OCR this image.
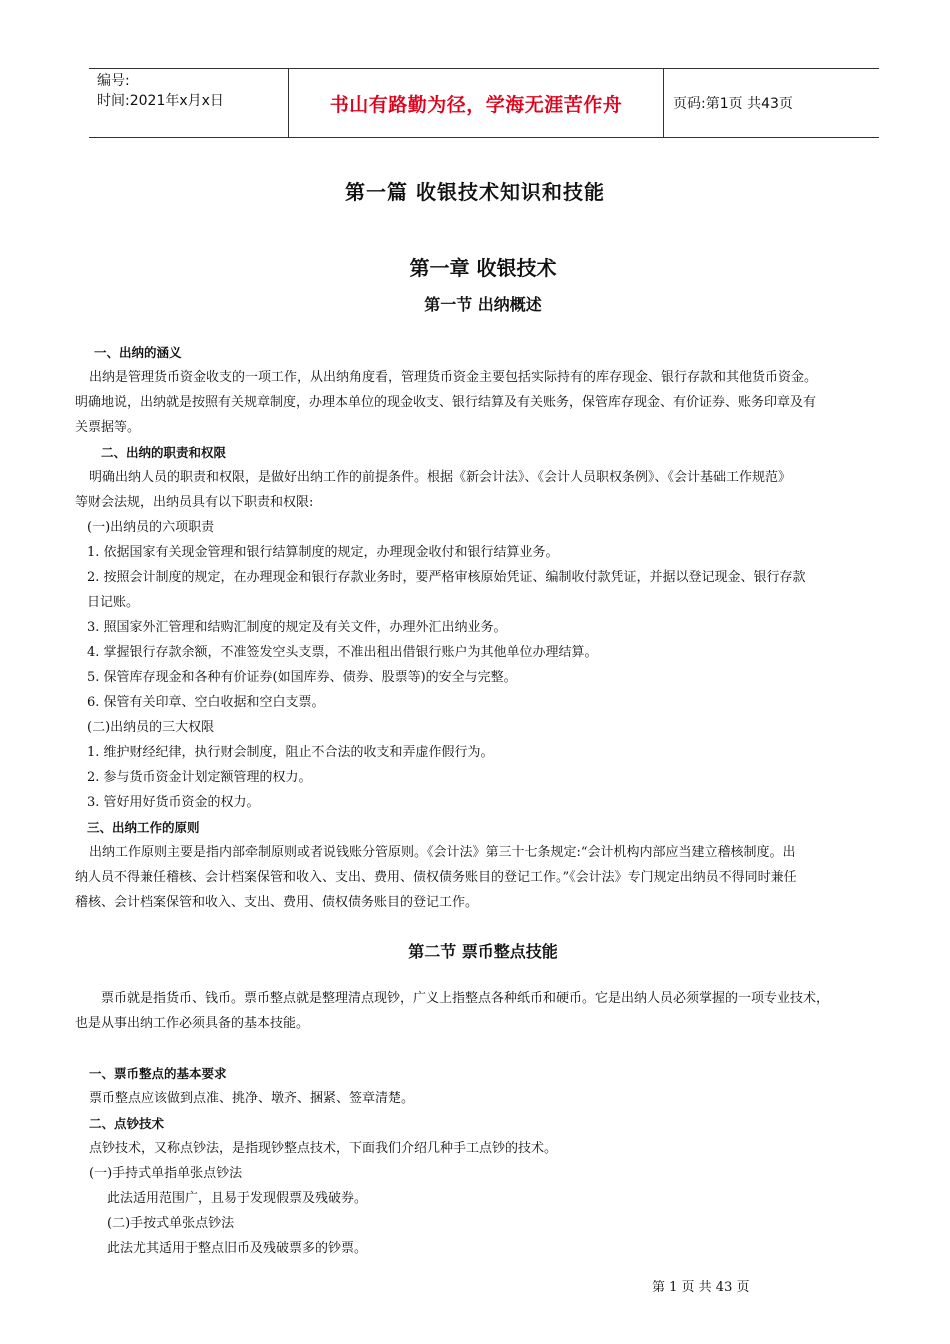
编号:
时间:2021年x月x日	书山有路勤为径，学海无涯苦作舟	页码:第1页 共43页
第一篇 收银技术知识和技能
第一章 收银技术
第一节 出纳概述
一、出纳的涵义
出纳是管理货币资金收支的一项工作，从出纳角度看，管理货币资金主要包括实际持有的库存现金、银行存款和其他货币资金。
明确地说，出纳就是按照有关规章制度，办理本单位的现金收支、银行结算及有关账务，保管库存现金、有价证券、账务印章及有
关票据等。
二、出纳的职责和权限
明确出纳人员的职责和权限，是做好出纳工作的前提条件。根据《新会计法》、《会计人员职权条例》、《会计基础工作规范》
等财会法规，出纳员具有以下职责和权限:
(一)出纳员的六项职责
1. 依据国家有关现金管理和银行结算制度的规定，办理现金收付和银行结算业务。
2. 按照会计制度的规定，在办理现金和银行存款业务时，要严格审核原始凭证、编制收付款凭证，并据以登记现金、银行存款
日记账。
3. 照国家外汇管理和结购汇制度的规定及有关文件，办理外汇出纳业务。
4. 掌握银行存款余额，不准签发空头支票，不准出租出借银行账户为其他单位办理结算。
5. 保管库存现金和各种有价证券(如国库券、债券、股票等)的安全与完整。
6. 保管有关印章、空白收据和空白支票。
(二)出纳员的三大权限
1. 维护财经纪律，执行财会制度，阻止不合法的收支和弄虚作假行为。
2. 参与货币资金计划定额管理的权力。
3. 管好用好货币资金的权力。
三、出纳工作的原则
出纳工作原则主要是指内部牵制原则或者说钱账分管原则。《会计法》第三十七条规定:“会计机构内部应当建立稽核制度。出
纳人员不得兼任稽核、会计档案保管和收入、支出、费用、债权债务账目的登记工作。”《会计法》专门规定出纳员不得同时兼任
稽核、会计档案保管和收入、支出、费用、债权债务账目的登记工作。
第二节 票币整点技能
票币就是指货币、钱币。票币整点就是整理清点现钞，广义上指整点各种纸币和硬币。它是出纳人员必须掌握的一项专业技术，
也是从事出纳工作必须具备的基本技能。
一、票币整点的基本要求
票币整点应该做到点准、挑净、墩齐、捆紧、签章清楚。
二、点钞技术
点钞技术，又称点钞法，是指现钞整点技术，下面我们介绍几种手工点钞的技术。
(一)手持式单指单张点钞法
此法适用范围广，且易于发现假票及残破券。
(二)手按式单张点钞法
此法尤其适用于整点旧币及残破票多的钞票。
第 1 页 共 43 页
